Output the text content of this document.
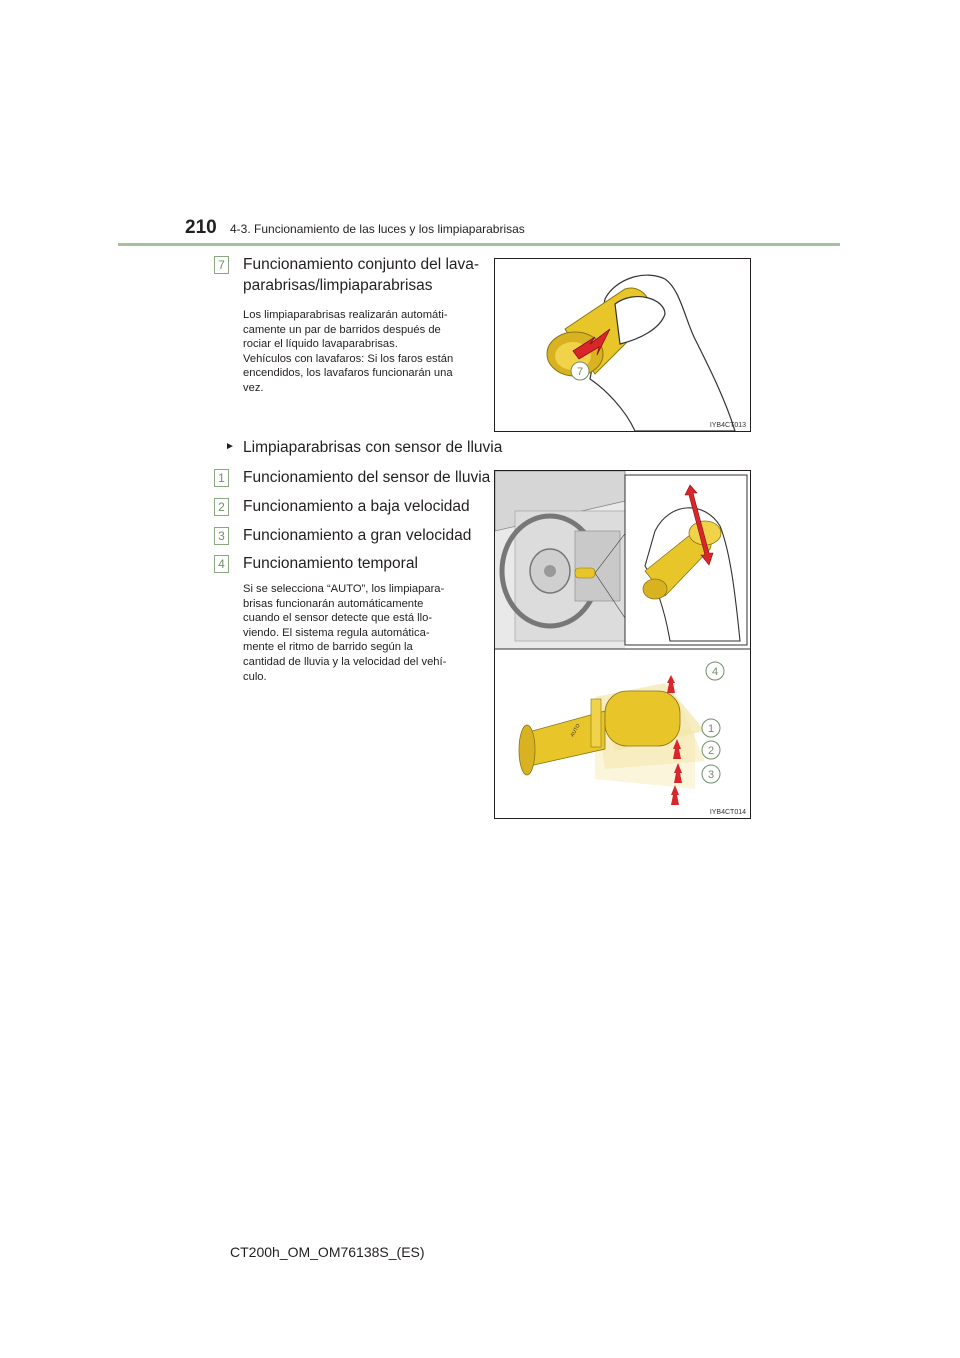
210 4-3. Funcionamiento de las luces y los limpiaparabrisas
7 Funcionamiento conjunto del lava-
parabrisas/limpiaparabrisas
Los limpiaparabrisas realizarán automáti-
camente un par de barridos después de
rociar el líquido lavaparabrisas.
Vehículos con lavafaros: Si los faros están
encendidos, los lavafaros funcionarán una
vez.
7
IYB4CT013
► Limpiaparabrisas con sensor de lluvia
1 Funcionamiento del sensor de lluvia
2 Funcionamiento a baja velocidad
3 Funcionamiento a gran velocidad
4 Funcionamiento temporal
Si se selecciona “AUTO”, los limpiapara-
brisas funcionarán automáticamente
cuando el sensor detecte que está llo-
viendo. El sistema regula automática-
mente el ritmo de barrido según la
cantidad de lluvia y la velocidad del vehí-
culo.
AUTO
4
1
2
3
IYB4CT014
CT200h_OM_OM76138S_(ES)
